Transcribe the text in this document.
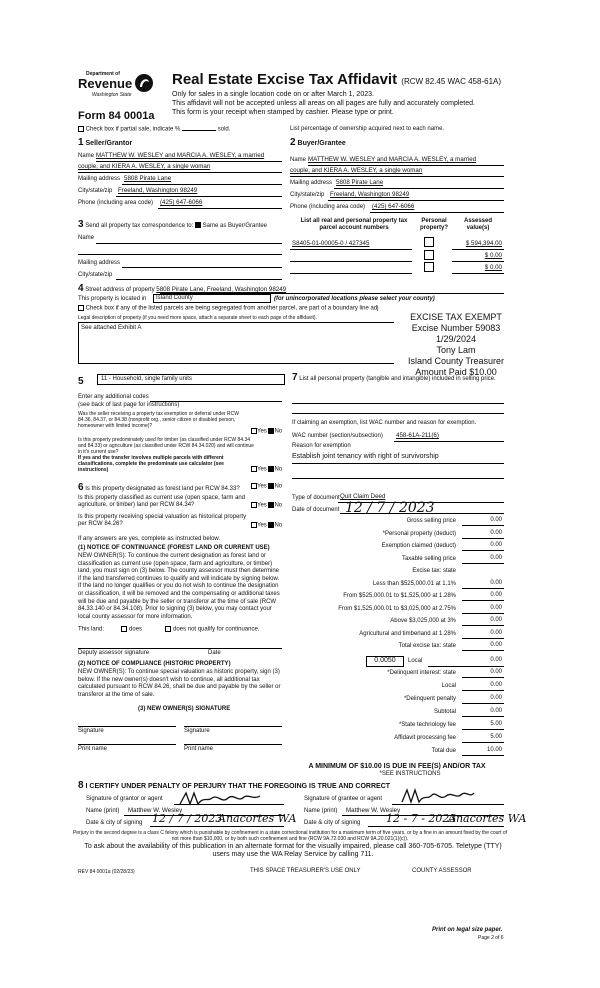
Department of
Revenue
Washington State
Form 84 0001a
Real Estate Excise Tax Affidavit (RCW 82.45 WAC 458-61A)
Only for sales in a single location code on or after March 1, 2023.
This affidavit will not be accepted unless all areas on all pages are fully and accurately completed.
This form is your receipt when stamped by cashier. Please type or print.
Check box if partial sale, indicate %	sold.	List percentage of ownership acquired next to each name.
1 Seller/Grantor
Name MATTHEW W. WESLEY and MARCIA A. WESLEY, a married
couple, and KIERA A. WESLEY, a single woman
Mailing address 5808 Pirate Lane
City/state/zip Freeland, Washington 98249
Phone (including area code) (425) 647-6066
2 Buyer/Grantee
Name MATTHEW W. WESLEY and MARCIA A. WESLEY, a married
couple, and KIERA A. WESLEY, a single woman
Mailing address 5808 Pirate Lane
City/state/zip Freeland, Washington 98249
Phone (including area code) (425) 647-6066
3 Send all property tax correspondence to: Same as Buyer/Grantee
Name
Mailing address
City/state/zip
List all real and personal property tax parcel account numbers
Personal property?
Assessed value(s)
S8405-01-00005-0 / 427345	$ 594,394.00
$ 0.00
$ 0.00
4 Street address of property 5808 Pirate Lane, Freeland, Washington 98249
This property is located in	Island County	(for unincorporated locations please select your county)
Check box if any of the listed parcels are being segregated from another parcel, are part of a boundary line adj
Legal description of property (if you need more space, attach a separate sheet to each page of the affidavit).
See attached Exhibit A
EXCISE TAX EXEMPT
Excise Number 59083
1/29/2024
Tony Lam
Island County Treasurer
Amount Paid $10.00
5	11 - Household, single family units
Enter any additional codes
(see back of last page for instructions)
Was the seller receiving a property tax exemption or deferral under RCW 84.36, 84.37, or 84.38 (nonprofit org., senior citizen or disabled person, homeowner with limited income)?
Yes No
Is this property predominately used for timber (as classified under RCW 84.34 and 84.33) or agriculture (as classified under RCW 84.34.020) and will continue in it's current use?
If yes and the transfer involves multiple parcels with different classifications, complete the predominate use calculator (see instructions)	Yes No
6 Is this property designated as forest land per RCW 84.33?	Yes No
Is this property classified as current use (open space, farm and agriculture, or timber) land per RCW 84.34?	Yes No
Is this property receiving special valuation as historical property per RCW 84.26?	Yes No
If any answers are yes, complete as instructed below.
(1) NOTICE OF CONTINUANCE (FOREST LAND OR CURRENT USE)
NEW OWNER(S): To continue the current designation as forest land or classification as current use (open space, farm and agriculture, or timber) land, you must sign on (3) below. The county assessor must then determine if the land transferred continues to qualify and will indicate by signing below. If the land no longer qualifies or you do not wish to continue the designation or classification, it will be removed and the compensating or additional taxes will be due and payable by the seller or transferor at the time of sale (RCW 84.33.140 or 84.34.108). Prior to signing (3) below, you may contact your local county assessor for more information.
This land:	does	does not qualify for continuance.
Deputy assessor signature	Date
(2) NOTICE OF COMPLIANCE (HISTORIC PROPERTY)
NEW OWNER(S): To continue special valuation as historic property, sign (3) below. If the new owner(s) doesn't wish to continue, all additional tax calculated pursuant to RCW 84.26, shall be due and payable by the seller or transferor at the time of sale.
(3) NEW OWNER(S) SIGNATURE
Signature	Signature
Print name	Print name
7 List all personal property (tangible and intangible) included in selling price.
If claiming an exemption, list WAC number and reason for exemption.
WAC number (section/subsection) 458-61A-211(6)
Reason for exemption
Establish joint tenancy with right of survivorship
Type of document Quit Claim Deed
Date of document 12 / 7 / 2023
Gross selling price	0.00
*Personal property (deduct)	0.00
Exemption claimed (deduct)	0.00
Taxable selling price	0.00
Excise tax: state
Less than $525,000.01 at 1.1%	0.00
From $525,000.01 to $1,525,000 at 1.28%	0.00
From $1,525,000.01 to $3,025,000 at 2.75%	0.00
Above $3,025,000 at 3%	0.00
Agricultural and timberland at 1.28%	0.00
Total excise tax: state	0.00
0.0050	Local	0.00
*Delinquent interest: state	0.00
Local	0.00
*Delinquent penalty	0.00
Subtotal	0.00
*State technology fee	5.00
Affidavit processing fee	5.00
Total due	10.00
A MINIMUM OF $10.00 IS DUE IN FEE(S) AND/OR TAX
*SEE INSTRUCTIONS
8 I CERTIFY UNDER PENALTY OF PERJURY THAT THE FOREGOING IS TRUE AND CORRECT
Signature of grantor or agent
Name (print) Matthew W. Wesley
Date & city of signing 12 / 7 / 2023
Anacortes WA
Signature of grantee or agent
Name (print) Matthew W. Wesley
Date & city of signing 12 - 7 - 2023
Anacortes WA
Perjury in the second degree is a class C felony which is punishable by confinement in a state correctional institution for a maximum term of five years, or by a fine in an amount fixed by the court of not more than $10,000, or by both such confinement and fine (RCW 9A.72.030 and RCW 9A.20.021(1)(c)).
To ask about the availability of this publication in an alternate format for the visually impaired, please call 360-705-6705. Teletype (TTY) users may use the WA Relay Service by calling 711.
REV 84 0001a (02/28/23)	THIS SPACE TREASURER'S USE ONLY	COUNTY ASSESSOR
Print on legal size paper.
Page 2 of 6
